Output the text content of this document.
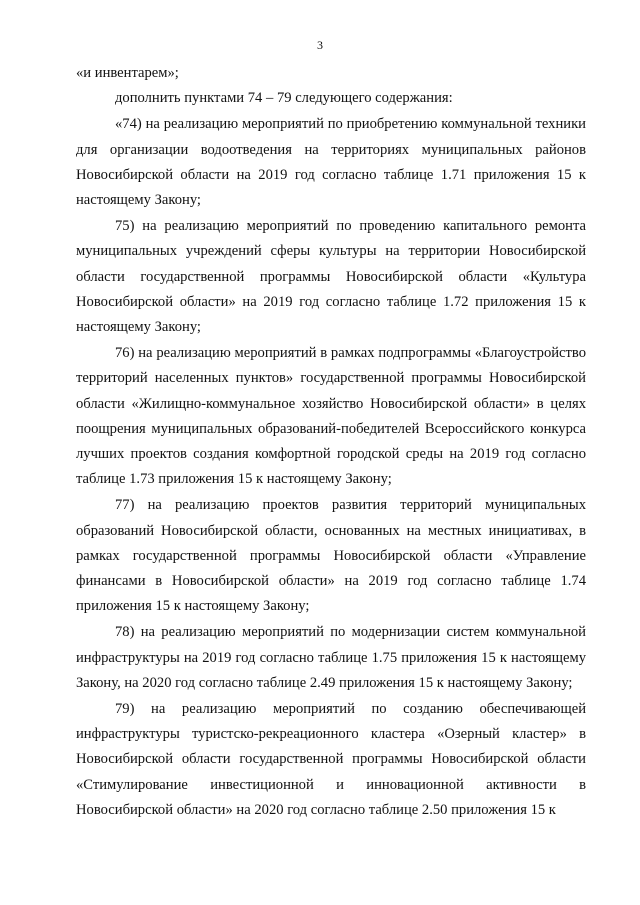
3

«и инвентарем»;

дополнить пунктами 74 – 79 следующего содержания:

«74) на реализацию мероприятий по приобретению коммунальной техники для организации водоотведения на территориях муниципальных районов Новосибирской области на 2019 год согласно таблице 1.71 приложения 15 к настоящему Закону;

75) на реализацию мероприятий по проведению капитального ремонта муниципальных учреждений сферы культуры на территории Новосибирской области государственной программы Новосибирской области «Культура Новосибирской области» на 2019 год согласно таблице 1.72 приложения 15 к настоящему Закону;

76) на реализацию мероприятий в рамках подпрограммы «Благоустройство территорий населенных пунктов» государственной программы Новосибирской области «Жилищно-коммунальное хозяйство Новосибирской области» в целях поощрения муниципальных образований-победителей Всероссийского конкурса лучших проектов создания комфортной городской среды на 2019 год согласно таблице 1.73 приложения 15 к настоящему Закону;

77) на реализацию проектов развития территорий муниципальных образований Новосибирской области, основанных на местных инициативах, в рамках государственной программы Новосибирской области «Управление финансами в Новосибирской области» на 2019 год согласно таблице 1.74 приложения 15 к настоящему Закону;

78) на реализацию мероприятий по модернизации систем коммунальной инфраструктуры на 2019 год согласно таблице 1.75 приложения 15 к настоящему Закону, на 2020 год согласно таблице 2.49 приложения 15 к настоящему Закону;

79) на реализацию мероприятий по созданию обеспечивающей инфраструктуры туристско-рекреационного кластера «Озерный кластер» в Новосибирской области государственной программы Новосибирской области «Стимулирование инвестиционной и инновационной активности в Новосибирской области» на 2020 год согласно таблице 2.50 приложения 15 к
